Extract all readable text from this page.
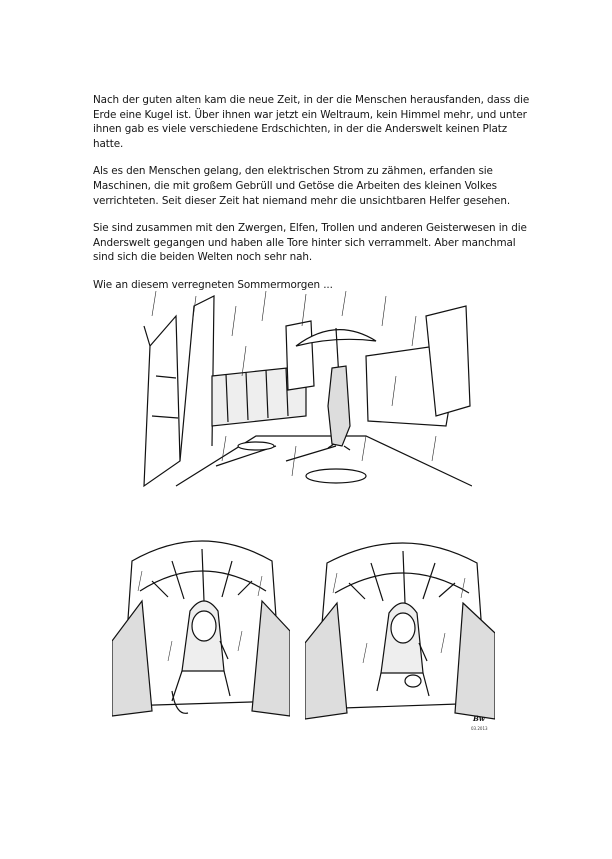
Nach der guten alten kam die neue Zeit, in der die Menschen herausfanden, dass die Erde eine Kugel ist. Über ihnen war jetzt ein Weltraum, kein Himmel mehr, und unter ihnen gab es viele verschiedene Erdschichten, in der die Anderswelt keinen Platz hatte.

Als es den Menschen gelang, den elektrischen Strom zu zähmen, erfanden sie Maschinen, die mit großem Gebrüll und Getöse die Arbeiten des kleinen Volkes verrichteten. Seit dieser Zeit hat niemand mehr die unsichtbaren Helfer gesehen.

Sie sind zusammen mit den Zwergen, Elfen, Trollen und anderen Geisterwesen in die Anderswelt gegangen und haben alle Tore hinter sich verrammelt. Aber manchmal sind sich die beiden Welten noch sehr nah.

Wie an diesem verregneten Sommermorgen ...

Bw
03.2013
